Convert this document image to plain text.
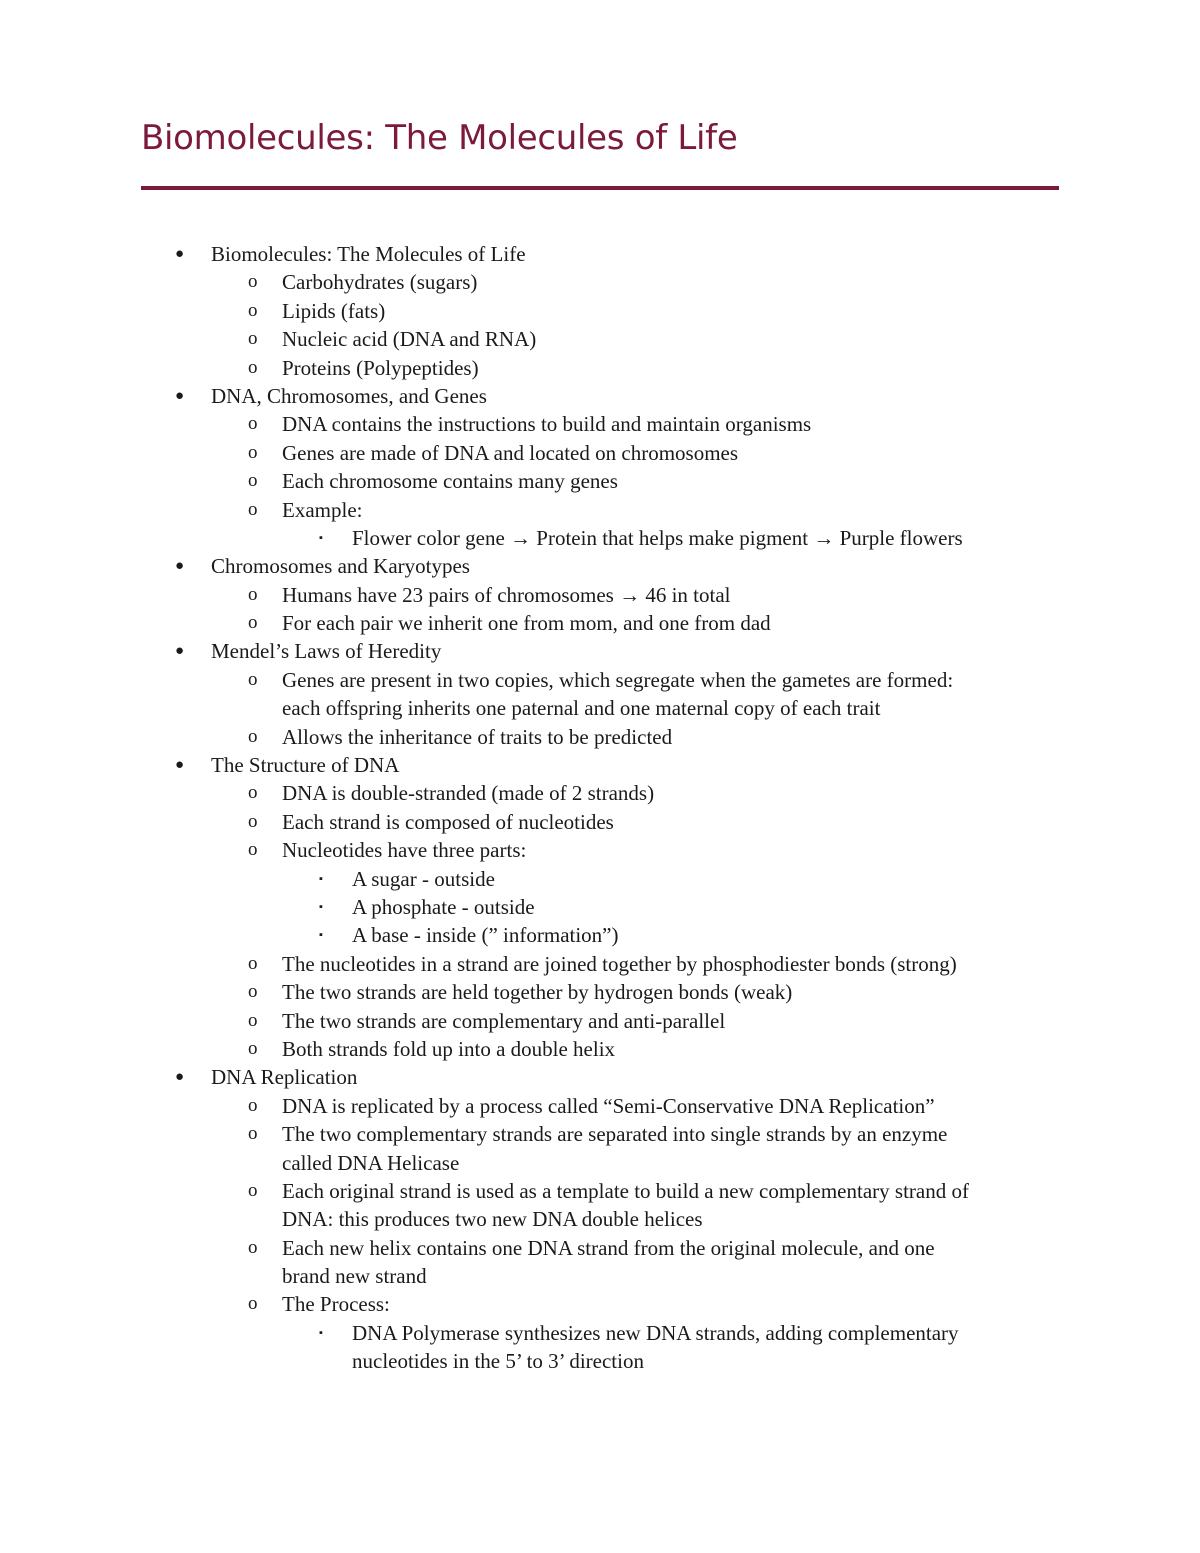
Biomolecules: The Molecules of Life
● Biomolecules: The Molecules of Life
o Carbohydrates (sugars)
o Lipids (fats)
o Nucleic acid (DNA and RNA)
o Proteins (Polypeptides)
● DNA, Chromosomes, and Genes
o DNA contains the instructions to build and maintain organisms
o Genes are made of DNA and located on chromosomes
o Each chromosome contains many genes
o Example:
▪ Flower color gene → Protein that helps make pigment → Purple flowers
● Chromosomes and Karyotypes
o Humans have 23 pairs of chromosomes → 46 in total
o For each pair we inherit one from mom, and one from dad
● Mendel’s Laws of Heredity
o Genes are present in two copies, which segregate when the gametes are formed:
each offspring inherits one paternal and one maternal copy of each trait
o Allows the inheritance of traits to be predicted
● The Structure of DNA
o DNA is double-stranded (made of 2 strands)
o Each strand is composed of nucleotides
o Nucleotides have three parts:
▪ A sugar - outside
▪ A phosphate - outside
▪ A base - inside (” information”)
o The nucleotides in a strand are joined together by phosphodiester bonds (strong)
o The two strands are held together by hydrogen bonds (weak)
o The two strands are complementary and anti-parallel
o Both strands fold up into a double helix
● DNA Replication
o DNA is replicated by a process called “Semi-Conservative DNA Replication”
o The two complementary strands are separated into single strands by an enzyme
called DNA Helicase
o Each original strand is used as a template to build a new complementary strand of
DNA: this produces two new DNA double helices
o Each new helix contains one DNA strand from the original molecule, and one
brand new strand
o The Process:
▪ DNA Polymerase synthesizes new DNA strands, adding complementary
nucleotides in the 5’ to 3’ direction
